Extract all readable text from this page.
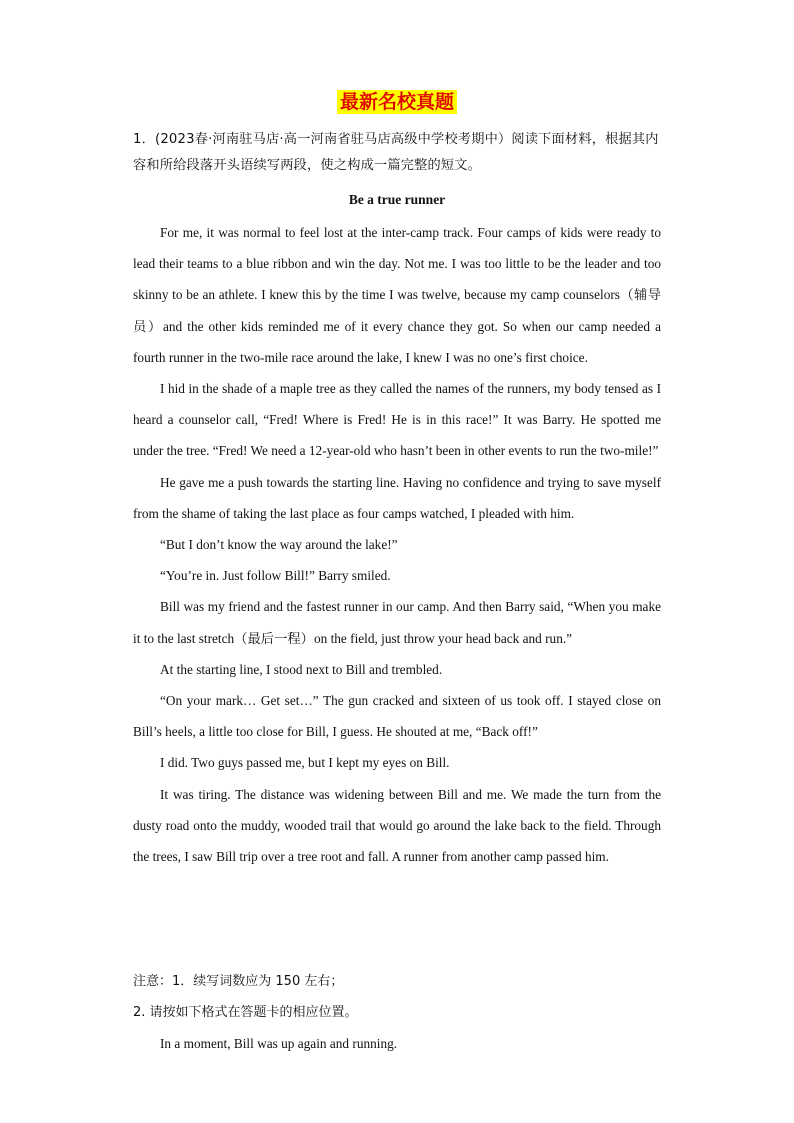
最新名校真题
1．(2023春·河南驻马店·高一河南省驻马店高级中学校考期中）阅读下面材料，根据其内容和所给段落开头语续写两段，使之构成一篇完整的短文。
Be a true runner

For me, it was normal to feel lost at the inter-camp track. Four camps of kids were ready to lead their teams to a blue ribbon and win the day. Not me. I was too little to be the leader and too skinny to be an athlete. I knew this by the time I was twelve, because my camp counselors（辅导员）and the other kids reminded me of it every chance they got. So when our camp needed a fourth runner in the two-mile race around the lake, I knew I was no one’s first choice.

I hid in the shade of a maple tree as they called the names of the runners, my body tensed as I heard a counselor call, “Fred! Where is Fred! He is in this race!” It was Barry. He spotted me under the tree. “Fred! We need a 12-year-old who hasn’t been in other events to run the two-mile!”

He gave me a push towards the starting line. Having no confidence and trying to save myself from the shame of taking the last place as four camps watched, I pleaded with him.

“But I don’t know the way around the lake!”

“You’re in. Just follow Bill!” Barry smiled.

Bill was my friend and the fastest runner in our camp. And then Barry said, “When you make it to the last stretch（最后一程）on the field, just throw your head back and run.”

At the starting line, I stood next to Bill and trembled.

“On your mark… Get set…” The gun cracked and sixteen of us took off. I stayed close on Bill’s heels, a little too close for Bill, I guess. He shouted at me, “Back off!”

I did. Two guys passed me, but I kept my eyes on Bill.

It was tiring. The distance was widening between Bill and me. We made the turn from the dusty road onto the muddy, wooded trail that would go around the lake back to the field. Through the trees, I saw Bill trip over a tree root and fall. A runner from another camp passed him.

注意：1．续写词数应为 150 左右；

2. 请按如下格式在答题卡的相应位置。

In a moment, Bill was up again and running.
